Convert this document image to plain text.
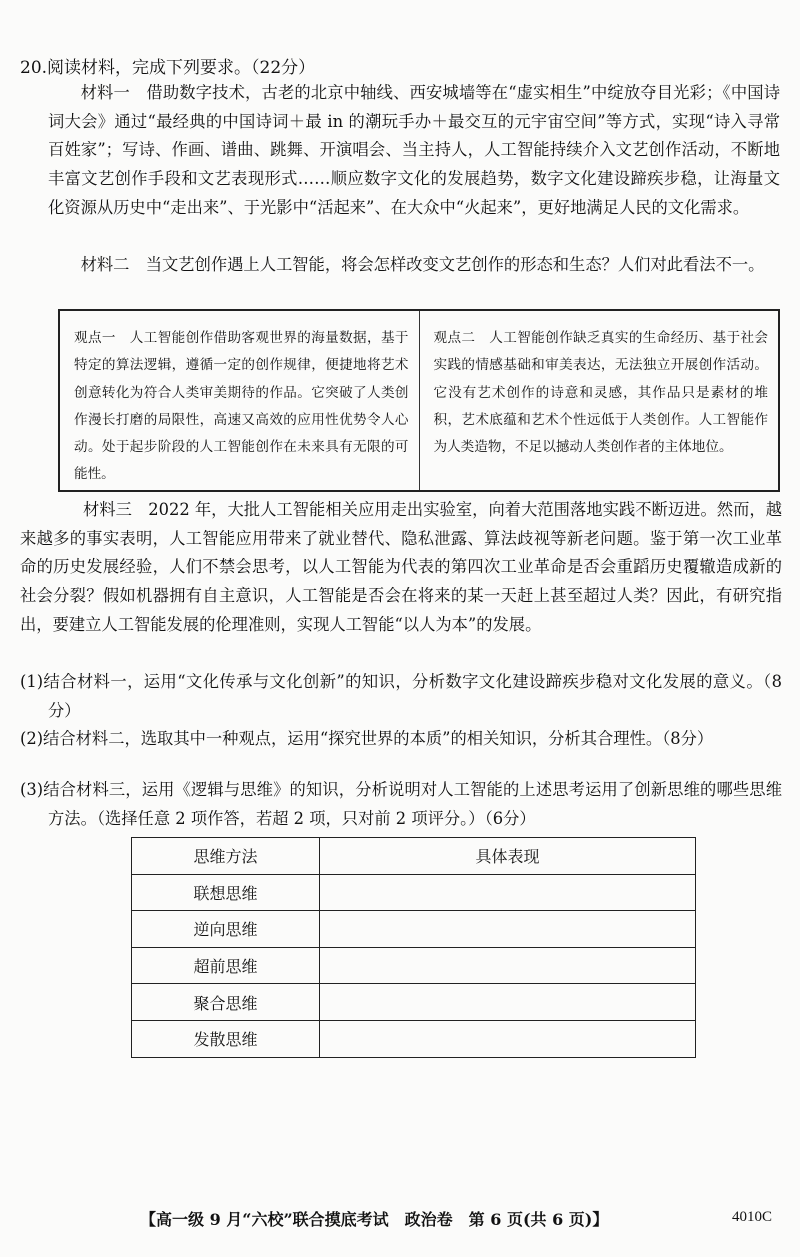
20.阅读材料，完成下列要求。（22分）
材料一　借助数字技术，古老的北京中轴线、西安城墙等在“虚实相生”中绽放夺目光彩；《中国诗词大会》通过“最经典的中国诗词＋最 in 的潮玩手办＋最交互的元宇宙空间”等方式，实现“诗入寻常百姓家”；写诗、作画、谱曲、跳舞、开演唱会、当主持人，人工智能持续介入文艺创作活动，不断地丰富文艺创作手段和文艺表现形式……顺应数字文化的发展趋势，数字文化建设蹄疾步稳，让海量文化资源从历史中“走出来”、于光影中“活起来”、在大众中“火起来”，更好地满足人民的文化需求。
材料二　当文艺创作遇上人工智能，将会怎样改变文艺创作的形态和生态？人们对此看法不一。
观点一　人工智能创作借助客观世界的海量数据，基于特定的算法逻辑，遵循一定的创作规律，便捷地将艺术创意转化为符合人类审美期待的作品。它突破了人类创作漫长打磨的局限性，高速又高效的应用性优势令人心动。处于起步阶段的人工智能创作在未来具有无限的可能性。
观点二　人工智能创作缺乏真实的生命经历、基于社会实践的情感基础和审美表达，无法独立开展创作活动。它没有艺术创作的诗意和灵感，其作品只是素材的堆积，艺术底蕴和艺术个性远低于人类创作。人工智能作为人类造物，不足以撼动人类创作者的主体地位。
材料三　2022 年，大批人工智能相关应用走出实验室，向着大范围落地实践不断迈进。然而，越来越多的事实表明，人工智能应用带来了就业替代、隐私泄露、算法歧视等新老问题。鉴于第一次工业革命的历史发展经验，人们不禁会思考，以人工智能为代表的第四次工业革命是否会重蹈历史覆辙造成新的社会分裂？假如机器拥有自主意识，人工智能是否会在将来的某一天赶上甚至超过人类？因此，有研究指出，要建立人工智能发展的伦理准则，实现人工智能“以人为本”的发展。
(1)结合材料一，运用“文化传承与文化创新”的知识，分析数字文化建设蹄疾步稳对文化发展的意义。（8分）
(2)结合材料二，选取其中一种观点，运用“探究世界的本质”的相关知识，分析其合理性。（8分）
(3)结合材料三，运用《逻辑与思维》的知识，分析说明对人工智能的上述思考运用了创新思维的哪些思维方法。（选择任意 2 项作答，若超 2 项，只对前 2 项评分。）（6分）
思维方法	具体表现
联想思维	
逆向思维	
超前思维	
聚合思维	
发散思维	
【高一级 9 月“六校”联合摸底考试　政治卷　第 6 页(共 6 页)】	4010C
